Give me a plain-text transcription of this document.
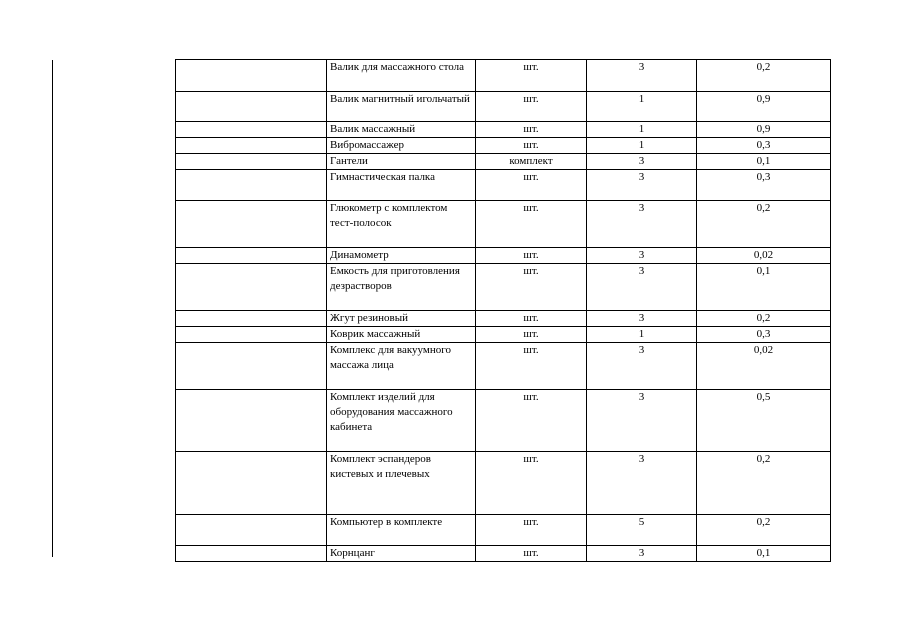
	Валик для массажного стола	шт.	3	0,2
	Валик магнитный игольчатый	шт.	1	0,9
	Валик массажный	шт.	1	0,9
	Вибромассажер	шт.	1	0,3
	Гантели	комплект	3	0,1
	Гимнастическая палка	шт.	3	0,3
	Глюкометр с комплектом тест-полосок	шт.	3	0,2
	Динамометр	шт.	3	0,02
	Емкость для приготовления дезрастворов	шт.	3	0,1
	Жгут резиновый	шт.	3	0,2
	Коврик массажный	шт.	1	0,3
	Комплекс для вакуумного массажа лица	шт.	3	0,02
	Комплект изделий для оборудования массажного кабинета	шт.	3	0,5
	Комплект эспандеров кистевых и плечевых	шт.	3	0,2
	Компьютер в комплекте	шт.	5	0,2
	Корнцанг	шт.	3	0,1
